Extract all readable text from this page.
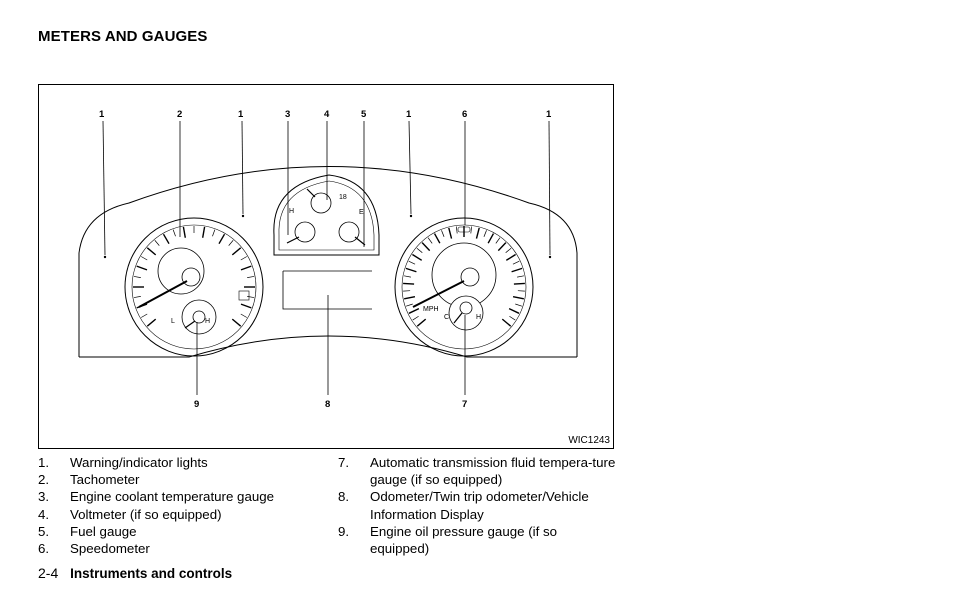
METERS AND GAUGES
L	H
18
H	E
MPH
C	H
1	2	1	3	4	5	1	6	1
9	8	7
WIC1243
1.	Warning/indicator lights
2.	Tachometer
3.	Engine coolant temperature gauge
4.	Voltmeter (if so equipped)
5.	Fuel gauge
6.	Speedometer
7.	Automatic transmission fluid tempera-ture gauge (if so equipped)
8.	Odometer/Twin trip odometer/Vehicle Information Display
9.	Engine oil pressure gauge (if so equipped)
2-4 Instruments and controls
